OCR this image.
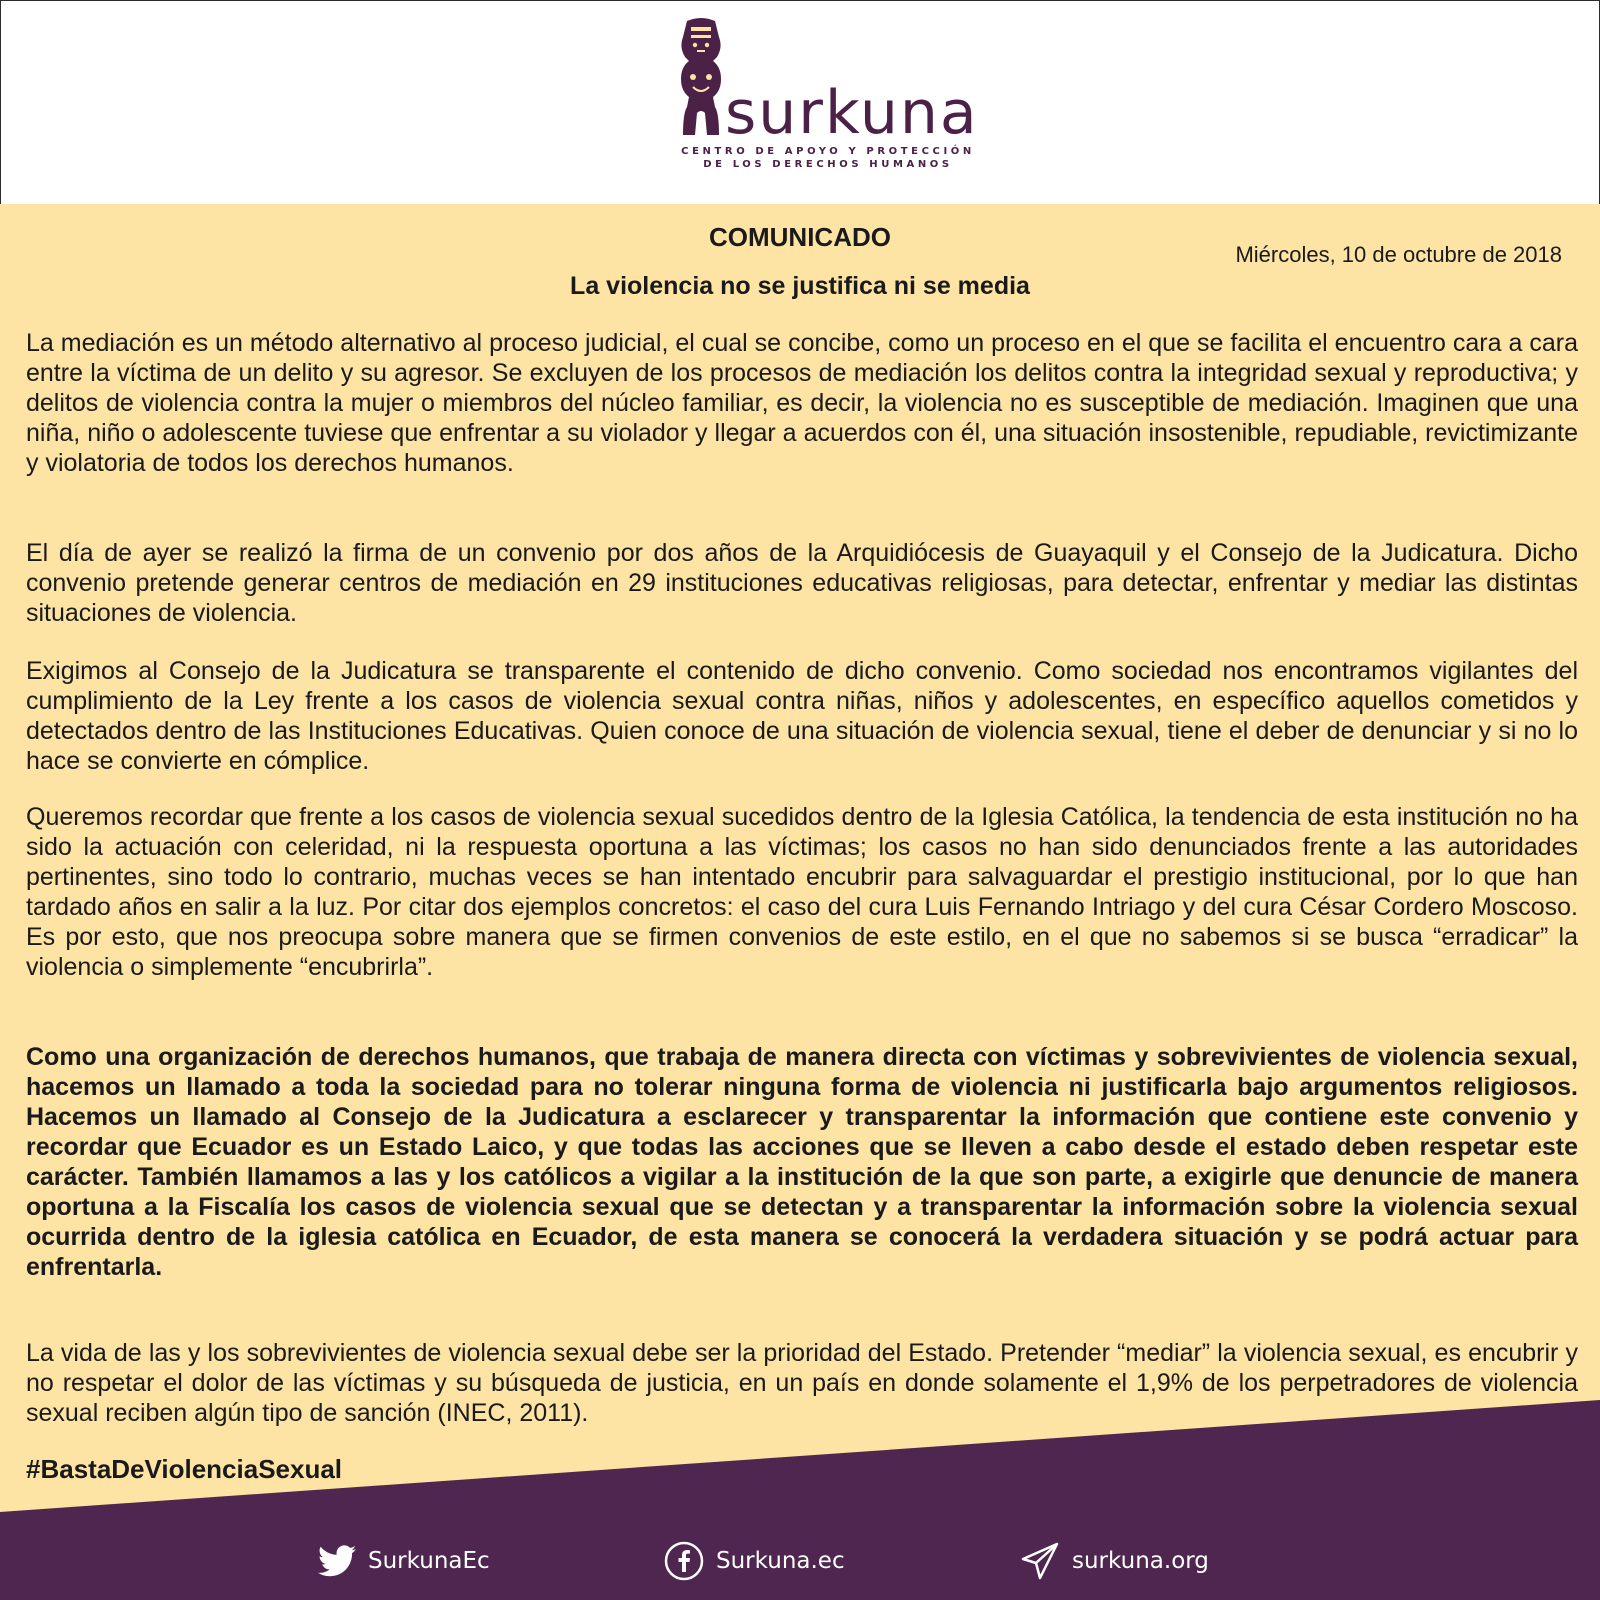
surkuna
CENTRO DE APOYO Y PROTECCIÓN
DE LOS DERECHOS HUMANOS
COMUNICADO
Miércoles, 10 de octubre de 2018
La violencia no se justifica ni se media

La mediación es un método alternativo al proceso judicial, el cual se concibe, como un proceso en el que se facilita el encuentro cara a cara entre la víctima de un delito y su agresor. Se excluyen de los procesos de mediación los delitos contra la integridad sexual y reproductiva; y delitos de violencia contra la mujer o miembros del núcleo familiar, es decir, la violencia no es susceptible de mediación. Imaginen que una niña, niño o adolescente tuviese que enfrentar a su violador y llegar a acuerdos con él, una situación insostenible, repudiable, revictimizante y violatoria de todos los derechos humanos.

El día de ayer se realizó la firma de un convenio por dos años de la Arquidiócesis de Guayaquil y el Consejo de la Judicatura. Dicho convenio pretende generar centros de mediación en 29 instituciones educativas religiosas, para detectar, enfrentar y mediar las distintas situaciones de violencia.

Exigimos al Consejo de la Judicatura se transparente el contenido de dicho convenio. Como sociedad nos encontramos vigilantes del cumplimiento de la Ley frente a los casos de violencia sexual contra niñas, niños y adolescentes, en específico aquellos cometidos y detectados dentro de las Instituciones Educativas. Quien conoce de una situación de violencia sexual, tiene el deber de denunciar y si no lo hace se convierte en cómplice.

Queremos recordar que frente a los casos de violencia sexual sucedidos dentro de la Iglesia Católica, la tendencia de esta institución no ha sido la actuación con celeridad, ni la respuesta oportuna a las víctimas; los casos no han sido denunciados frente a las autoridades pertinentes, sino todo lo contrario, muchas veces se han intentado encubrir para salvaguardar el prestigio institucional, por lo que han tardado años en salir a la luz. Por citar dos ejemplos concretos: el caso del cura Luis Fernando Intriago y del cura César Cordero Moscoso. Es por esto, que nos preocupa sobre manera que se firmen convenios de este estilo, en el que no sabemos si se busca “erradicar” la violencia o simplemente “encubrirla”.

Como una organización de derechos humanos, que trabaja de manera directa con víctimas y sobrevivientes de violencia sexual, hacemos un llamado a toda la sociedad para no tolerar ninguna forma de violencia ni justificarla bajo argumentos religiosos. Hacemos un llamado al Consejo de la Judicatura a esclarecer y transparentar la información que contiene este convenio y recordar que Ecuador es un Estado Laico, y que todas las acciones que se lleven a cabo desde el estado deben respetar este carácter. También llamamos a las y los católicos a vigilar a la institución de la que son parte, a exigirle que denuncie de manera oportuna a la Fiscalía los casos de violencia sexual que se detectan y a transparentar la información sobre la violencia sexual ocurrida dentro de la iglesia católica en Ecuador, de esta manera se conocerá la verdadera situación y se podrá actuar para enfrentarla.

La vida de las y los sobrevivientes de violencia sexual debe ser la prioridad del Estado. Pretender “mediar” la violencia sexual, es encubrir y no respetar el dolor de las víctimas y su búsqueda de justicia, en un país en donde solamente el 1,9% de los perpetradores de violencia sexual reciben algún tipo de sanción (INEC, 2011).

#BastaDeViolenciaSexual
SurkunaEc	Surkuna.ec	surkuna.org
